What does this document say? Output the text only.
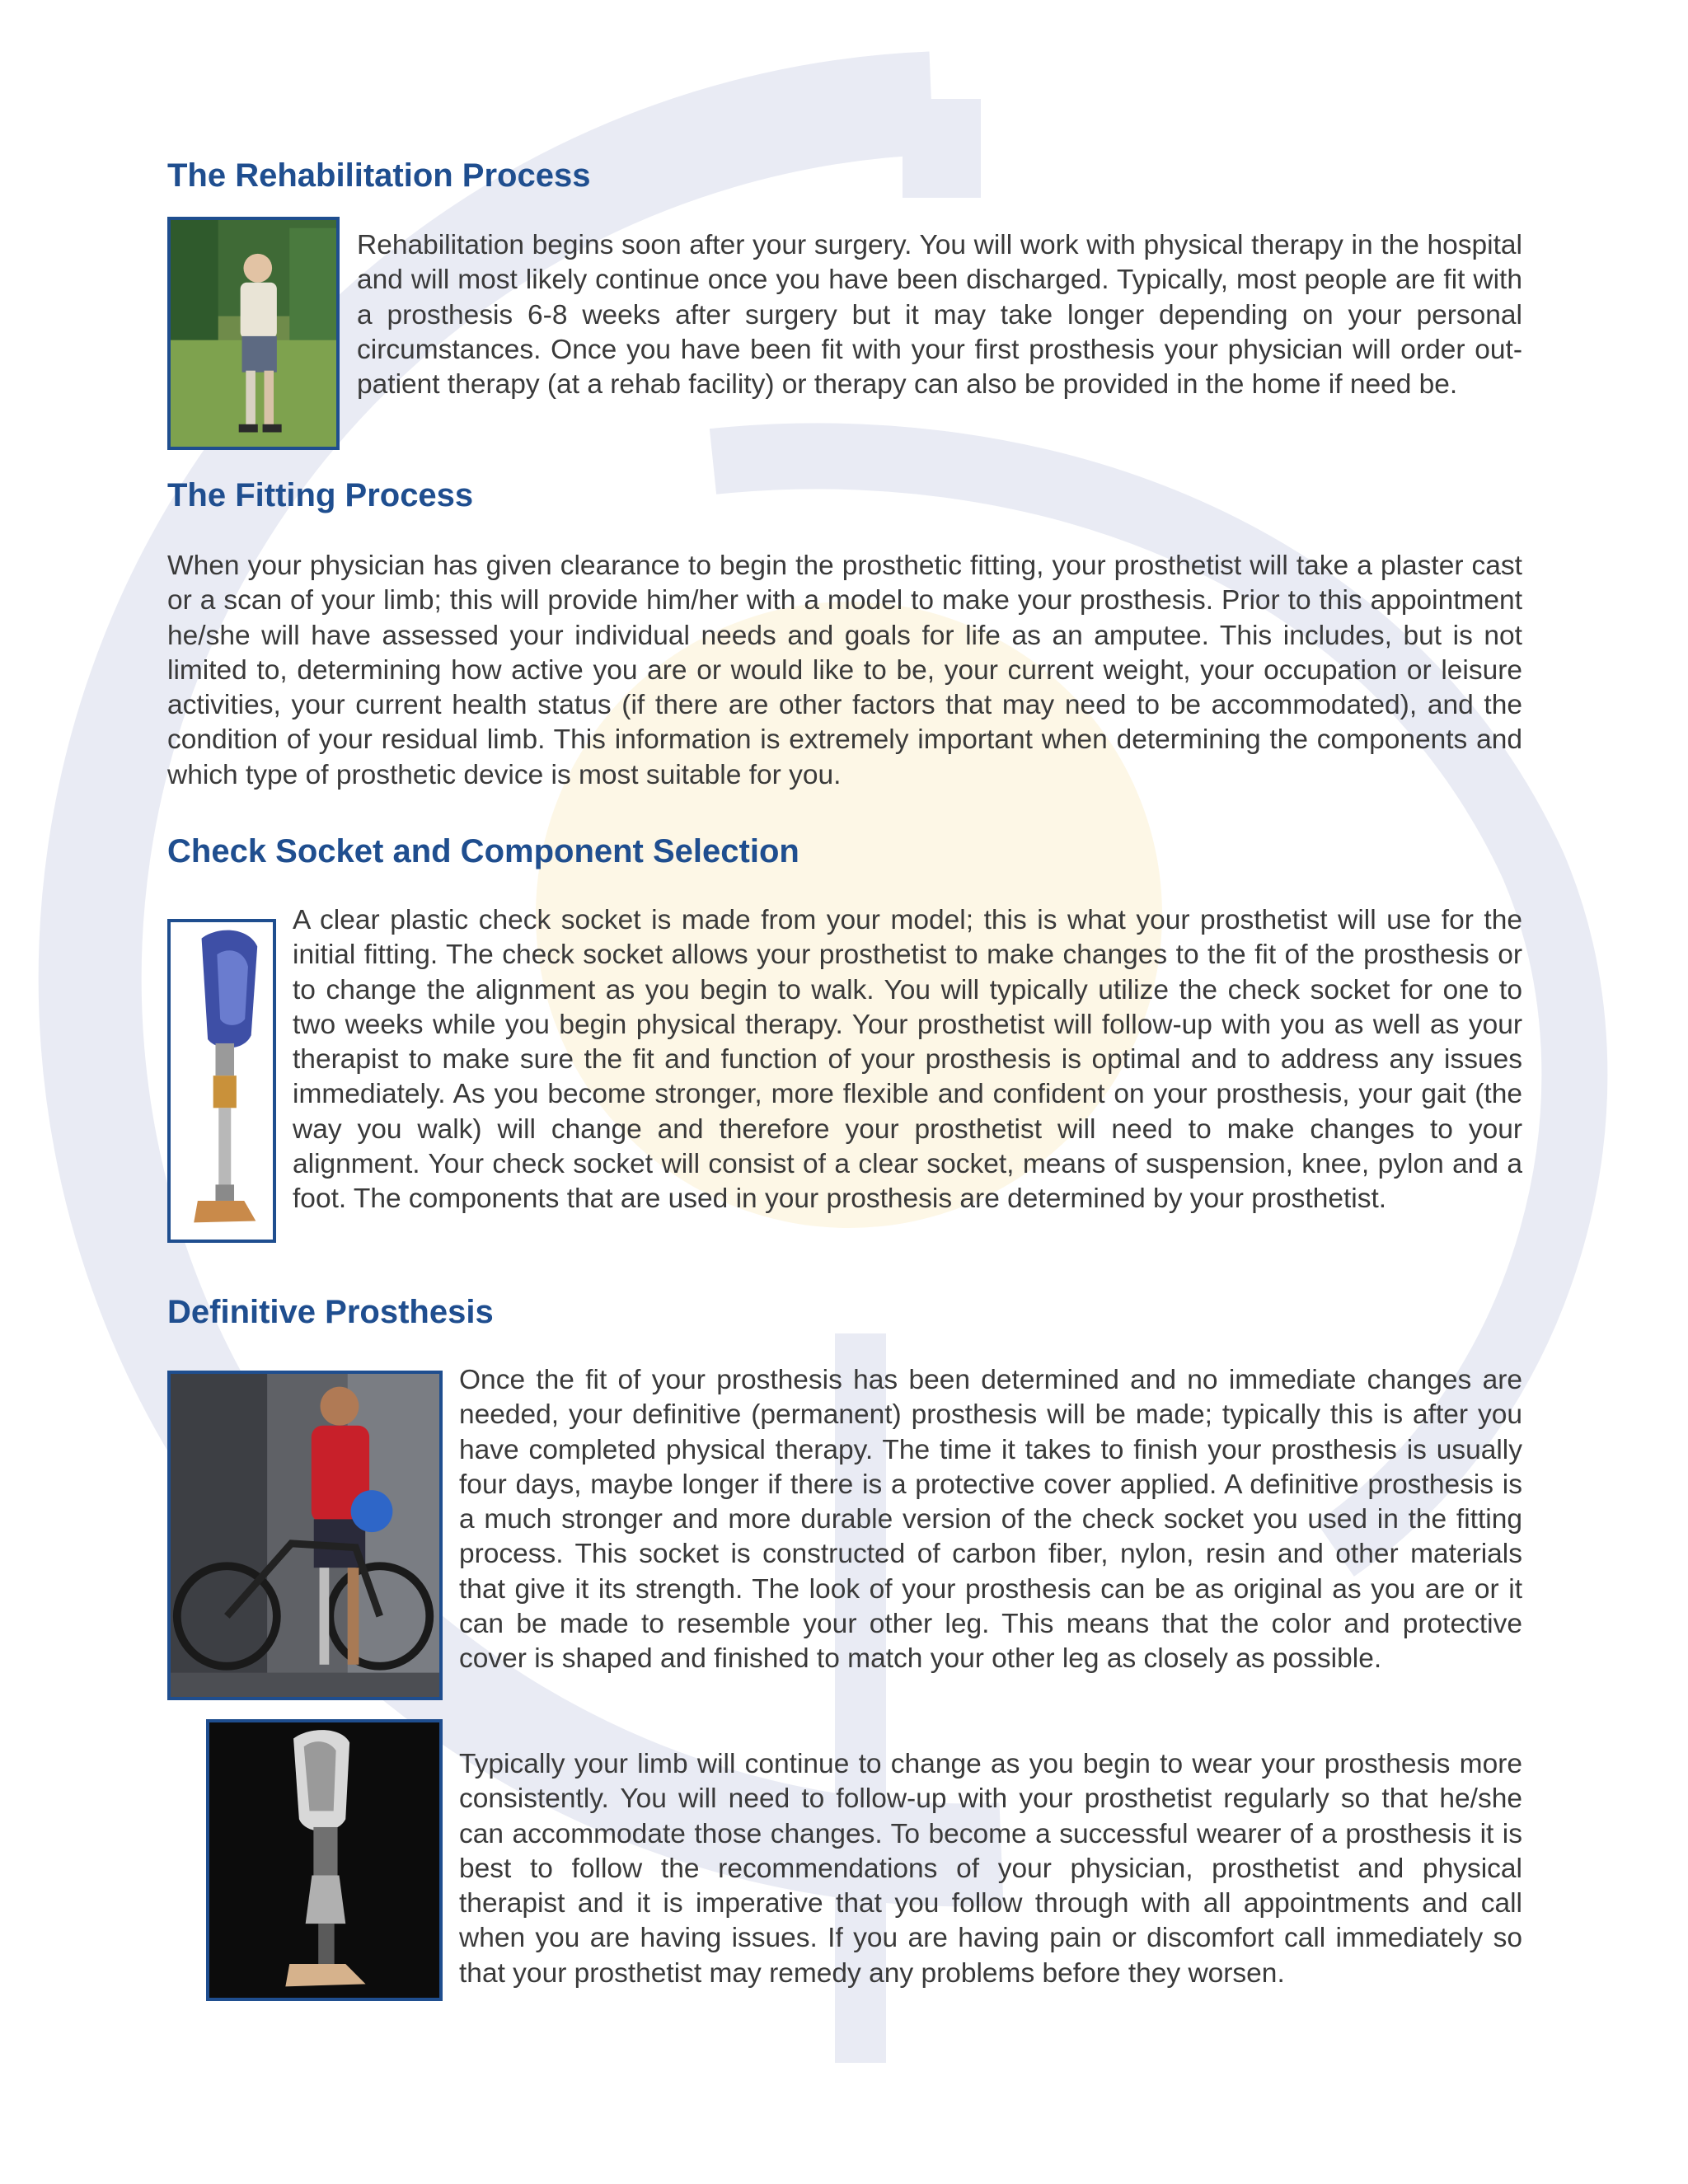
The Rehabilitation Process

Rehabilitation begins soon after your surgery. You will work with physical therapy in the hospital and will most likely continue once you have been discharged. Typically, most people are fit with a prosthesis 6-8 weeks after surgery but it may take longer depending on your personal circumstances. Once you have been fit with your first prosthesis your physician will order out-patient therapy (at a rehab facility) or therapy can also be provided in the home if need be.

The Fitting Process

When your physician has given clearance to begin the prosthetic fitting, your prosthetist will take a plaster cast or a scan of your limb; this will provide him/her with a model to make your prosthesis. Prior to this appointment he/she will have assessed your individual needs and goals for life as an amputee. This includes, but is not limited to, determining how active you are or would like to be, your current weight, your occupation or leisure activities, your current health status (if there are other factors that may need to be accommodated), and the condition of your residual limb. This information is extremely important when determining the components and which type of prosthetic device is most suitable for you.

Check Socket and Component Selection

A clear plastic check socket is made from your model; this is what your prosthetist will use for the initial fitting. The check socket allows your prosthetist to make changes to the fit of the prosthesis or to change the alignment as you begin to walk. You will typically utilize the check socket for one to two weeks while you begin physical therapy. Your prosthetist will follow-up with you as well as your therapist to make sure the fit and function of your prosthesis is optimal and to address any issues immediately. As you become stronger, more flexible and confident on your prosthesis, your gait (the way you walk) will change and therefore your prosthetist will need to make changes to your alignment. Your check socket will consist of a clear socket, means of suspension, knee, pylon and a foot. The components that are used in your prosthesis are determined by your prosthetist.

Definitive Prosthesis

Once the fit of your prosthesis has been determined and no immediate changes are needed, your definitive (permanent) prosthesis will be made; typically this is after you have completed physical therapy. The time it takes to finish your prosthesis is usually four days, maybe longer if there is a protective cover applied. A definitive prosthesis is a much stronger and more durable version of the check socket you used in the fitting process. This socket is constructed of carbon fiber, nylon, resin and other materials that give it its strength. The look of your prosthesis can be as original as you are or it can be made to resemble your other leg. This means that the color and protective cover is shaped and finished to match your other leg as closely as possible.

Typically your limb will continue to change as you begin to wear your prosthesis more consistently. You will need to follow-up with your prosthetist regularly so that he/she can accommodate those changes. To become a successful wearer of a prosthesis it is best to follow the recommendations of your physician, prosthetist and physical therapist and it is imperative that you follow through with all appointments and call when you are having issues. If you are having pain or discomfort call immediately so that your prosthetist may remedy any problems before they worsen.
